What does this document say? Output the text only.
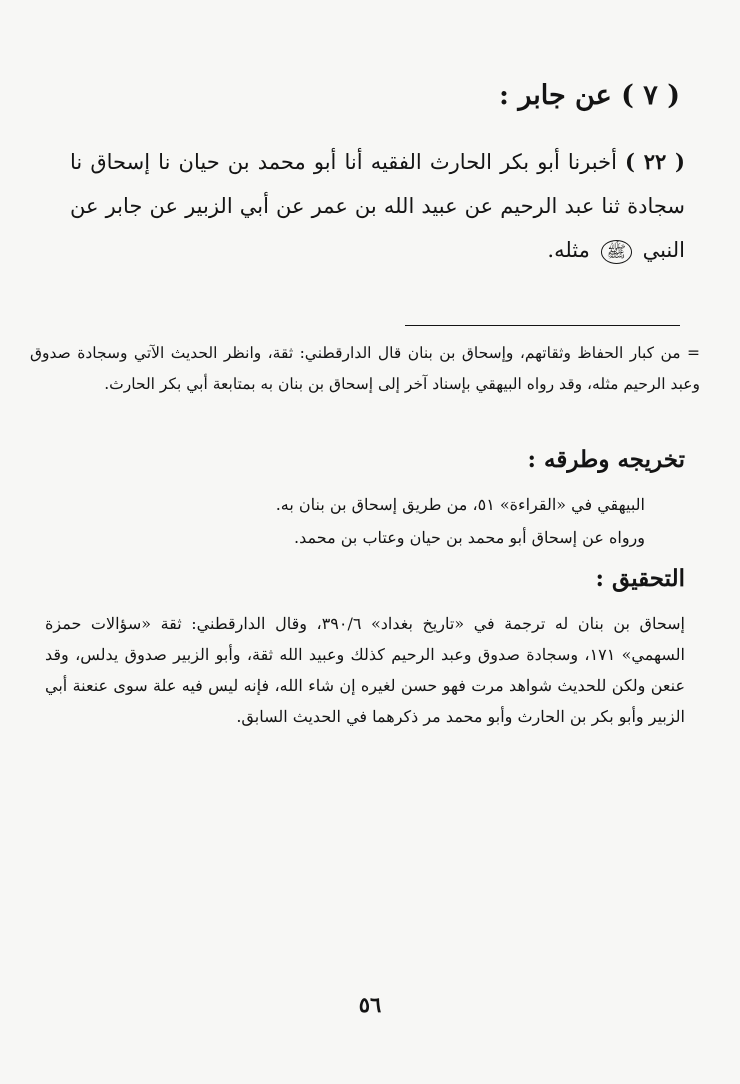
( ٧ ) عن جابر :

( ٢٢ ) أخبرنا أبو بكر الحارث الفقيه أنا أبو محمد بن حيان نا إسحاق نا سجادة ثنا عبد الرحيم عن عبيد الله بن عمر عن أبي الزبير عن جابر عن النبي ﷺ مثله.

= من كبار الحفاظ وثقاتهم، وإسحاق بن بنان قال الدارقطني: ثقة، وانظر الحديث الآتي وسجادة صدوق وعبد الرحيم مثله، وقد رواه البيهقي بإسناد آخر إلى إسحاق بن بنان به بمتابعة أبي بكر الحارث.

تخريجه وطرقه :

البيهقي في «القراءة» ٥١، من طريق إسحاق بن بنان به.

ورواه عن إسحاق أبو محمد بن حيان وعتاب بن محمد.

التحقيق :

إسحاق بن بنان له ترجمة في «تاريخ بغداد» ٣٩٠/٦، وقال الدارقطني: ثقة «سؤالات حمزة السهمي» ١٧١، وسجادة صدوق وعبد الرحيم كذلك وعبيد الله ثقة، وأبو الزبير صدوق يدلس، وقد عنعن ولكن للحديث شواهد مرت فهو حسن لغيره إن شاء الله، فإنه ليس فيه علة سوى عنعنة أبي الزبير وأبو بكر بن الحارث وأبو محمد مر ذكرهما في الحديث السابق.

٥٦
